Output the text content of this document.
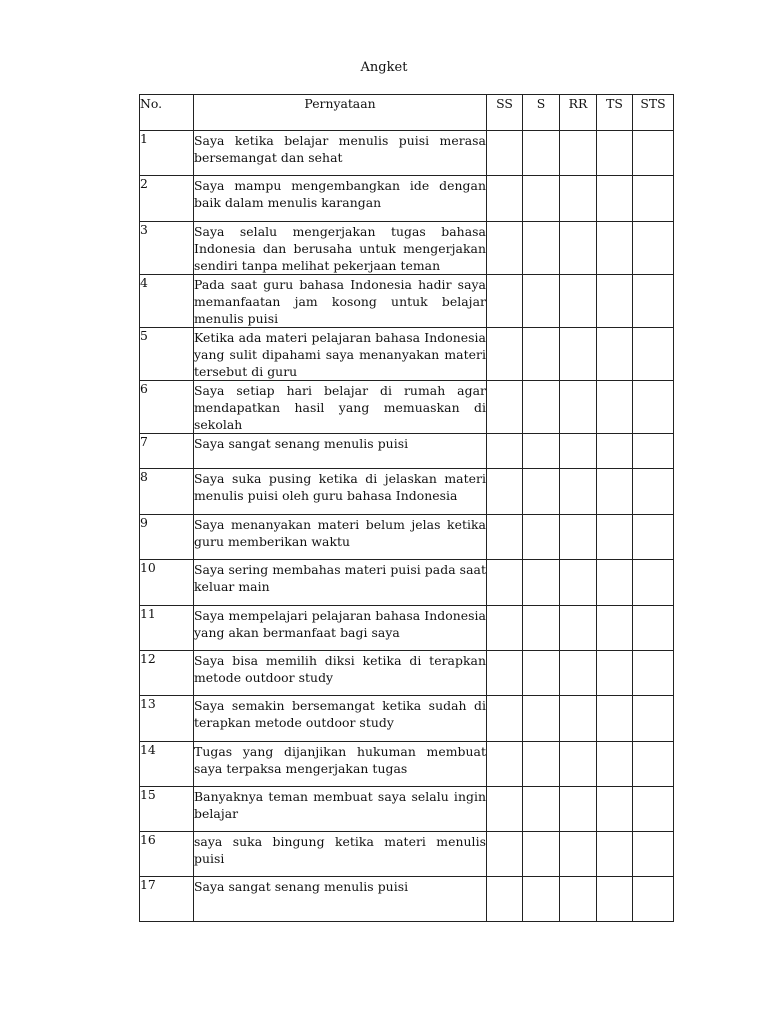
Angket
No.	Pernyataan	SS	S	RR	TS	STS
1	Saya ketika belajar menulis puisi merasa bersemangat dan sehat					

2	Saya mampu mengembangkan ide dengan baik dalam menulis karangan					

3	Saya selalu mengerjakan tugas bahasa Indonesia dan berusaha untuk mengerjakan sendiri tanpa melihat pekerjaan teman					

4	Pada saat guru bahasa Indonesia hadir saya memanfaatan jam kosong untuk belajar menulis puisi					

5	Ketika ada materi pelajaran bahasa Indonesia yang sulit dipahami saya menanyakan materi tersebut di guru					

6	Saya setiap hari belajar di rumah agar mendapatkan hasil yang memuaskan di sekolah					

7	Saya sangat senang menulis puisi					

8	Saya suka pusing ketika di jelaskan materi menulis puisi oleh guru bahasa Indonesia					

9	Saya menanyakan materi belum jelas ketika guru memberikan waktu					

10	Saya sering membahas materi puisi pada saat keluar main					

11	Saya mempelajari pelajaran bahasa Indonesia yang akan bermanfaat bagi saya					

12	Saya bisa memilih diksi ketika di terapkan metode outdoor study					

13	Saya semakin bersemangat ketika sudah di terapkan metode outdoor study					

14	Tugas yang dijanjikan hukuman membuat saya terpaksa mengerjakan tugas					

15	Banyaknya teman membuat saya selalu ingin belajar					

16	saya suka bingung ketika materi menulis puisi					

17	Saya sangat senang menulis puisi					
